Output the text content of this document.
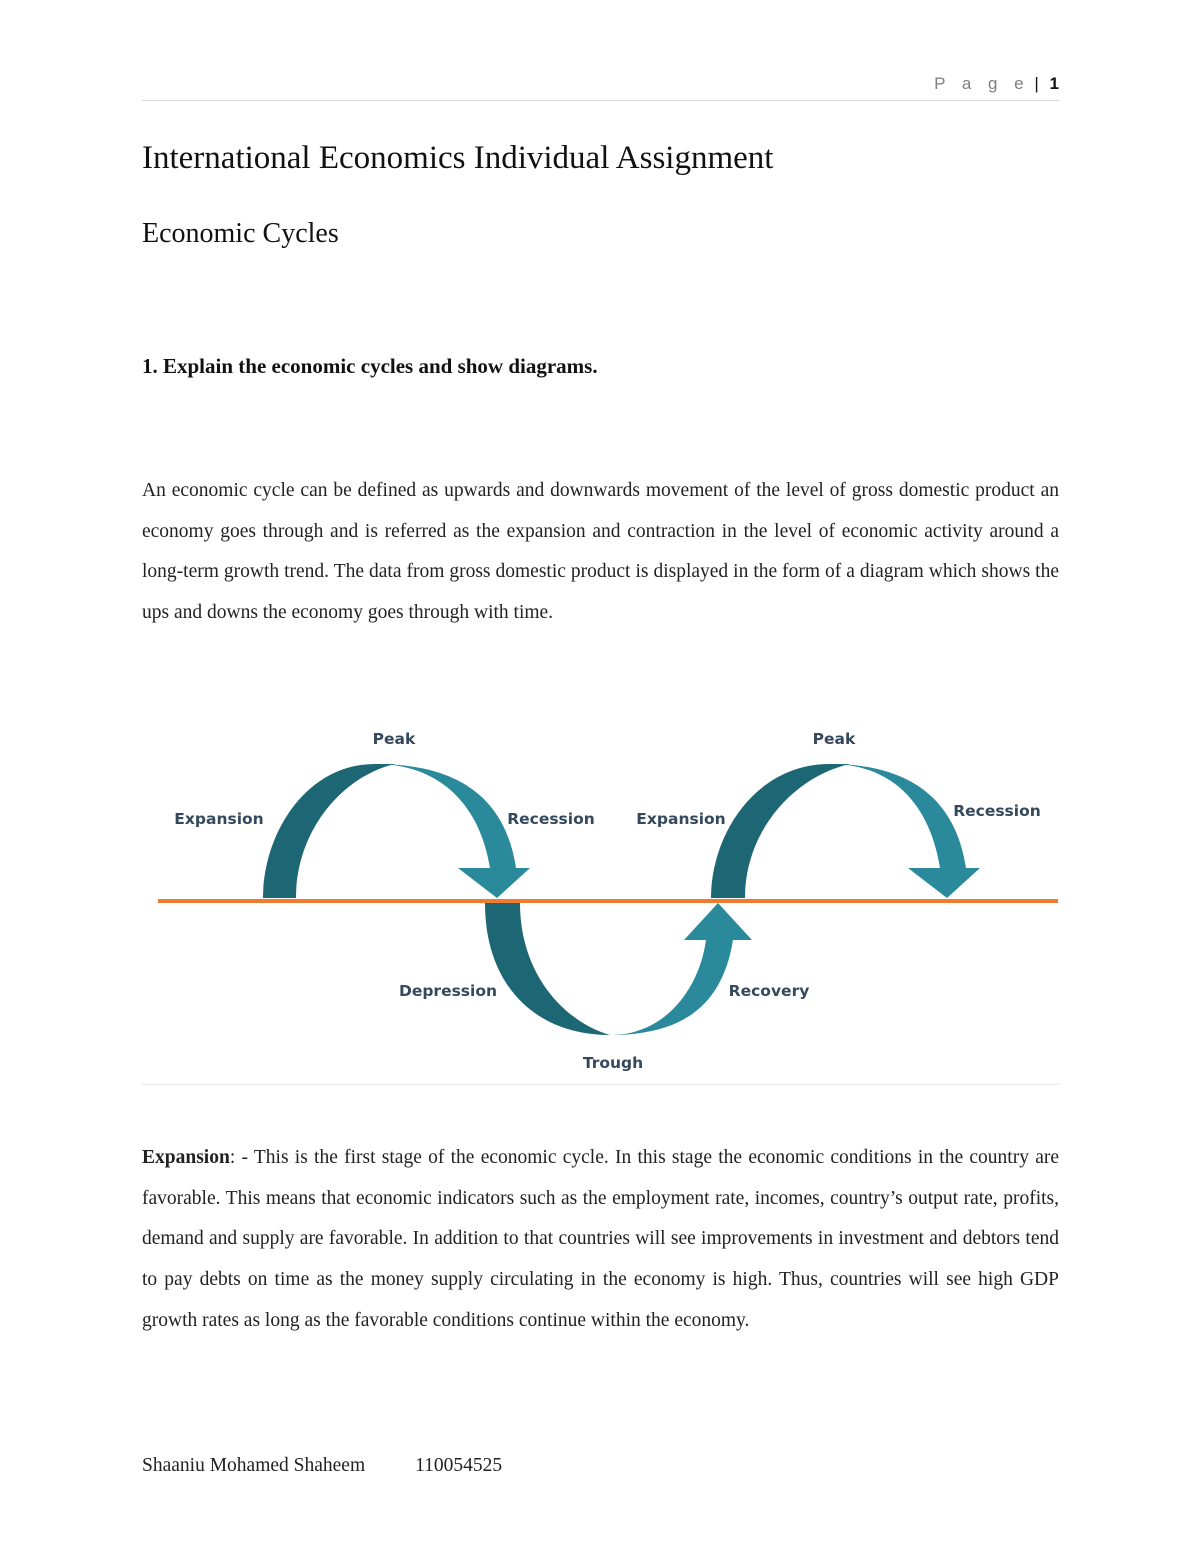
P a g e | 1
International Economics Individual Assignment
Economic Cycles
1. Explain the economic cycles and show diagrams.

An economic cycle can be defined as upwards and downwards movement of the level of gross domestic product an economy goes through and is referred as the expansion and contraction in the level of economic activity around a long-term growth trend. The data from gross domestic product is displayed in the form of a diagram which shows the ups and downs the economy goes through with time.

Peak
Expansion	Recession	Expansion
Peak
Recession
Depression	Recovery
Trough

Expansion: - This is the first stage of the economic cycle. In this stage the economic conditions in the country are favorable. This means that economic indicators such as the employment rate, incomes, country’s output rate, profits, demand and supply are favorable. In addition to that countries will see improvements in investment and debtors tend to pay debts on time as the money supply circulating in the economy is high. Thus, countries will see high GDP growth rates as long as the favorable conditions continue within the economy.

Shaaniu Mohamed Shaheem	110054525
